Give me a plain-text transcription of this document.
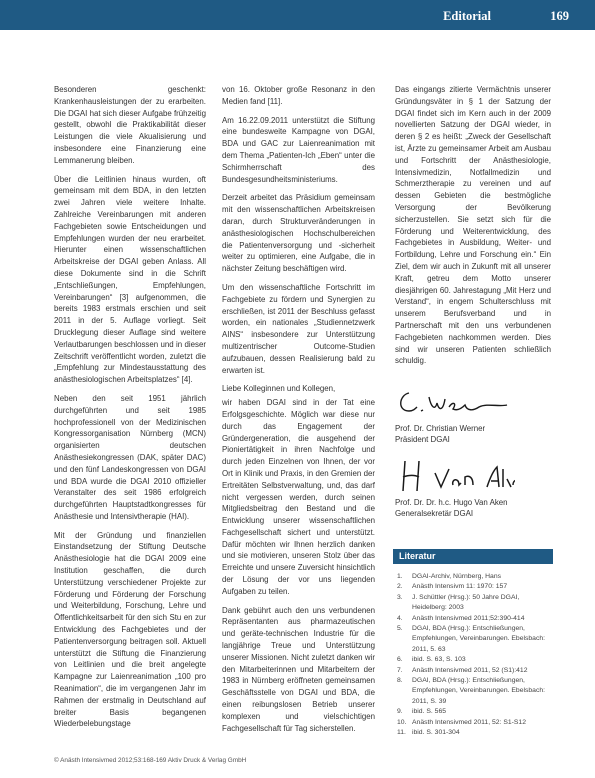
Editorial	169

Besonderen geschenkt: Krankenhausleistungen der zu erarbeiten. Die DGAI hat sich dieser Aufgabe frühzeitig gestellt, obwohl die Praktikabilität dieser Leistungen die viele Akualisierung und insbesondere eine Finanzierung eine Lemmanerung bleiben.

Über die Leitlinien hinaus wurden, oft gemeinsam mit dem BDA, in den letzten zwei Jahren viele weitere Inhalte. Zahlreiche Vereinbarungen mit anderen Fachgebieten sowie Entscheidungen und Empfehlungen wurden der neu erarbeitet. Hierunter einen wissenschaftlichen Arbeitskreise der DGAI geben Anlass. All diese Dokumente sind in die Schrift „Entschließungen, Empfehlungen, Vereinbarungen“ [3] aufgenommen, die bereits 1983 erstmals erschien und seit 2011 in der 5. Auflage vorliegt. Seit Drucklegung dieser Auflage sind weitere Verlautbarungen beschlossen und in dieser Zeitschrift veröffentlicht worden, zuletzt die „Empfehlung zur Mindestausstattung des anästhesiologischen Arbeitsplatzes“ [4].

Neben den seit 1951 jährlich durchgeführten und seit 1985 hochprofessionell von der Medizinischen Kongressorganisation Nürnberg (MCN) organisierten deutschen Anästhesiekongressen (DAK, später DAC) und den fünf Landeskongressen von DGAI und BDA wurde die DGAI 2010 offizieller Veranstalter des seit 1986 erfolgreich durchgeführten Hauptstadtkongresses für Anästhesie und Intensivtherapie (HAI).

Mit der Gründung und finanziellen Einstandsetzung der Stiftung Deutsche Anästhesiologie hat die DGAI 2009 eine Institution geschaffen, die durch Unterstützung verschiedener Projekte zur Förderung und Förderung der Forschung und Weiterbildung, Forschung, Lehre und Öffentlichkeitsarbeit für den sich Stu en zur Entwicklung des Fachgebietes und der Patientenversorgung beitragen soll. Aktuell unterstützt die Stiftung die Finanzierung von Leitlinien und die breit angelegte Kampagne zur Laienreanimation „100 pro Reanimation“, die im vergangenen Jahr im Rahmen der erstmalig in Deutschland auf breiter Basis begangenen Wiederbelebungstage

von 16. Oktober große Resonanz in den Medien fand [11].

Am 16.22.09.2011 unterstützt die Stiftung eine bundesweite Kampagne von DGAI, BDA und GAC zur Laienreanimation mit dem Thema „Patienten-Ich „Eben“ unter die Schirmherrschaft des Bundesgesundheitsministeriums.

Derzeit arbeitet das Präsidium gemeinsam mit den wissenschaftlichen Arbeitskreisen daran, durch Strukturveränderungen in anästhesiologischen Hochschulbereichen die Patientenversorgung und -sicherheit weiter zu optimieren, eine Aufgabe, die in nächster Zeitung beschäftigen wird.

Um den wissenschaftliche Fortschritt im Fachgebiete zu fördern und Synergien zu erschließen, ist 2011 der Beschluss gefasst worden, ein nationales „Studiennetzwerk AINS“ insbesondere zur Unterstützung multizentrischer Outcome-Studien aufzubauen, dessen Realisierung bald zu erwarten ist.

Liebe Kolleginnen und Kollegen,

wir haben DGAI sind in der Tat eine Erfolgsgeschichte. Möglich war diese nur durch das Engagement der Gründergeneration, die ausgehend der Pioniertätigkeit in ihren Nachfolge und durch jeden Einzelnen von Ihnen, der vor Ort in Klinik und Praxis, in den Gremien der Ertreitäten Selbstverwaltung, und, das darf nicht vergessen werden, durch seinen Mitgliedsbeitrag den Bestand und die Entwicklung unserer wissenschaftlichen Fachgesellschaft sichert und unterstützt. Dafür möchten wir Ihnen herzlich danken und sie motivieren, unseren Stolz über das Erreichte und unsere Zuversicht hinsichtlich der Lösung der vor uns liegenden Aufgaben zu teilen.

Dank gebührt auch den uns verbundenen Repräsentanten aus pharmazeutischen und geräte-technischen Industrie für die langjährige Treue und Unterstützung unserer Missionen. Nicht zuletzt danken wir den Mitarbeiterinnen und Mitarbeitern der 1983 in Nürnberg eröffneten gemeinsamen Geschäftsstelle von DGAI und BDA, die einen reibungslosen Betrieb unserer komplexen und vielschichtigen Fachgesellschaft für Tag sicherstellen.

Das eingangs zitierte Vermächtnis unserer Gründungsväter in § 1 der Satzung der DGAI findet sich im Kern auch in der 2009 novellierten Satzung der DGAI wieder, in deren § 2 es heißt: „Zweck der Gesellschaft ist, Ärzte zu gemeinsamer Arbeit am Ausbau und Fortschritt der Anästhesiologie, Intensivmedizin, Notfallmedizin und Schmerztherapie zu vereinen und auf dessen Gebieten die bestmögliche Versorgung der Bevölkerung sicherzustellen. Sie setzt sich für die Förderung und Weiterentwicklung, des Fachgebietes in Ausbildung, Weiter- und Fortbildung, Lehre und Forschung ein.“ Ein Ziel, dem wir auch in Zukunft mit all unserer Kraft, getreu dem Motto unserer diesjährigen 60. Jahrestagung „Mit Herz und Verstand“, in engem Schulterschluss mit unserem Berufsverband und in Partnerschaft mit den uns verbundenen Fachgebieten nachkommen werden. Dies sind wir unseren Patienten schließlich schuldig.

Prof. Dr. Christian Werner
Präsident DGAI
Prof. Dr. Dr. h.c. Hugo Van Aken
Generalsekretär DGAI
Literatur
1.	DGAI-Archiv, Nürnberg, Hans
2.	Anästh Intensivm 11: 1970: 157
3.	J. Schüttler (Hrsg.): 50 Jahre DGAI, Heidelberg: 2003
4.	Anästh Intensivmed 2011;52:390-414
5.	DGAI, BDA (Hrsg.): Entschließungen, Empfehlungen, Vereinbarungen. Ebelsbach: 2011, 5. 63
6.	ibid. S. 63, S. 103
7.	Anästh Intensivmed 2011, 52 (S1):412
8.	DGAI, BDA (Hrsg.): Entschließungen, Empfehlungen, Vereinbarungen. Ebelsbach: 2011, S. 39
9.	ibid. S. 565
10. Anästh Intensivmed 2011, 52: S1-S12
11. ibid. S. 301-304
© Anästh Intensivmed 2012;53:168-169 Aktiv Druck & Verlag GmbH
